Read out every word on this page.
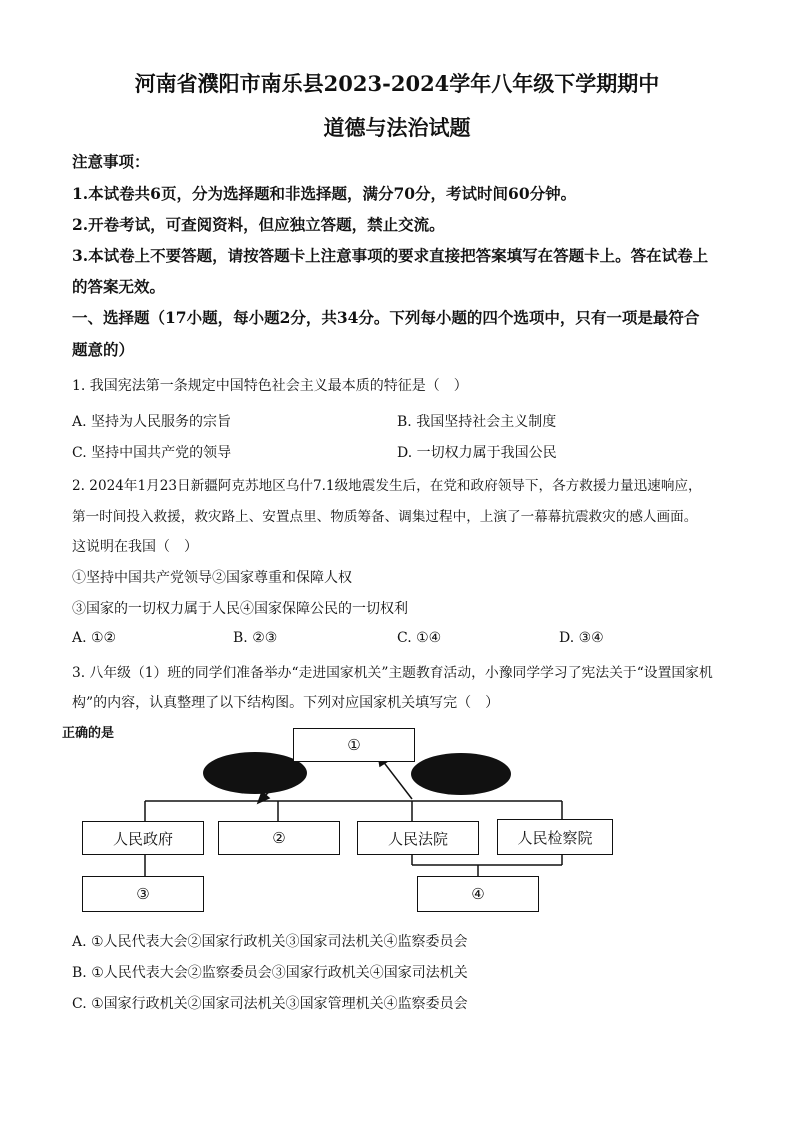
河南省濮阳市南乐县2023-2024学年八年级下学期期中
道德与法治试题
注意事项：
1.本试卷共6页，分为选择题和非选择题，满分70分，考试时间60分钟。
2.开卷考试，可查阅资料，但应独立答题，禁止交流。
3.本试卷上不要答题，请按答题卡上注意事项的要求直接把答案填写在答题卡上。答在试卷上
的答案无效。
一、选择题（17小题，每小题2分，共34分。下列每小题的四个选项中，只有一项是最符合
题意的）
1. 我国宪法第一条规定中国特色社会主义最本质的特征是（　）
A. 坚持为人民服务的宗旨	B. 我国坚持社会主义制度
C. 坚持中国共产党的领导	D. 一切权力属于我国公民
2. 2024年1月23日新疆阿克苏地区乌什7.1级地震发生后，在党和政府领导下，各方救援力量迅速响应，
第一时间投入救援，救灾路上、安置点里、物质筹备、调集过程中，上演了一幕幕抗震救灾的感人画面。
这说明在我国（　）
①坚持中国共产党领导②国家尊重和保障人权
③国家的一切权力属于人民④国家保障公民的一切权利
A. ①②	B. ②③	C. ①④	D. ③④
3. 八年级（1）班的同学们准备举办“走进国家机关”主题教育活动，小豫同学学习了宪法关于“设置国家机
构”的内容，认真整理了以下结构图。下列对应国家机关填写完（　）
正确的是
①
人民政府	②	人民法院	人民检察院
③	④
A. ①人民代表大会②国家行政机关③国家司法机关④监察委员会
B. ①人民代表大会②监察委员会③国家行政机关④国家司法机关
C. ①国家行政机关②国家司法机关③国家管理机关④监察委员会
